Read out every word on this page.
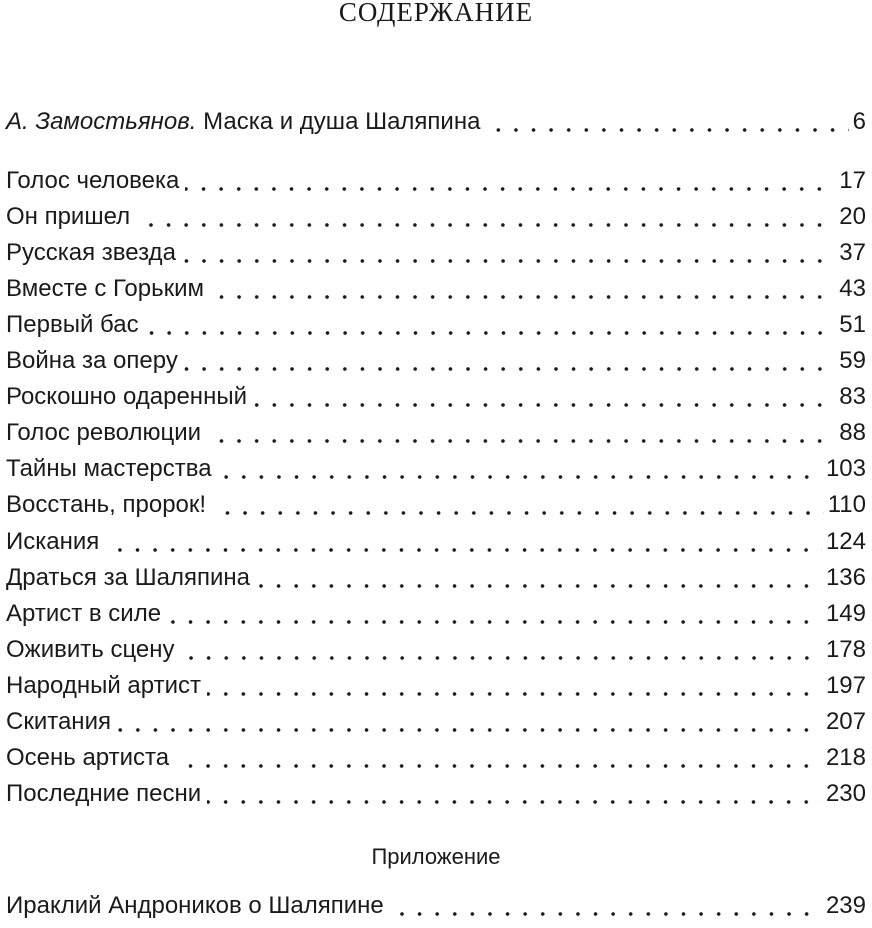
СОДЕРЖАНИЕ
А. Замостьянов. Маска и душа Шаляпина	6
Голос человека	17
Он пришел	20
Русская звезда	37
Вместе с Горьким	43
Первый бас	51
Война за оперу	59
Роскошно одаренный	83
Голос революции	88
Тайны мастерства	103
Восстань, пророк!	110
Искания	124
Драться за Шаляпина	136
Артист в силе	149
Оживить сцену	178
Народный артист	197
Скитания	207
Осень артиста	218
Последние песни	230
Приложение
Ираклий Андроников о Шаляпине	239
